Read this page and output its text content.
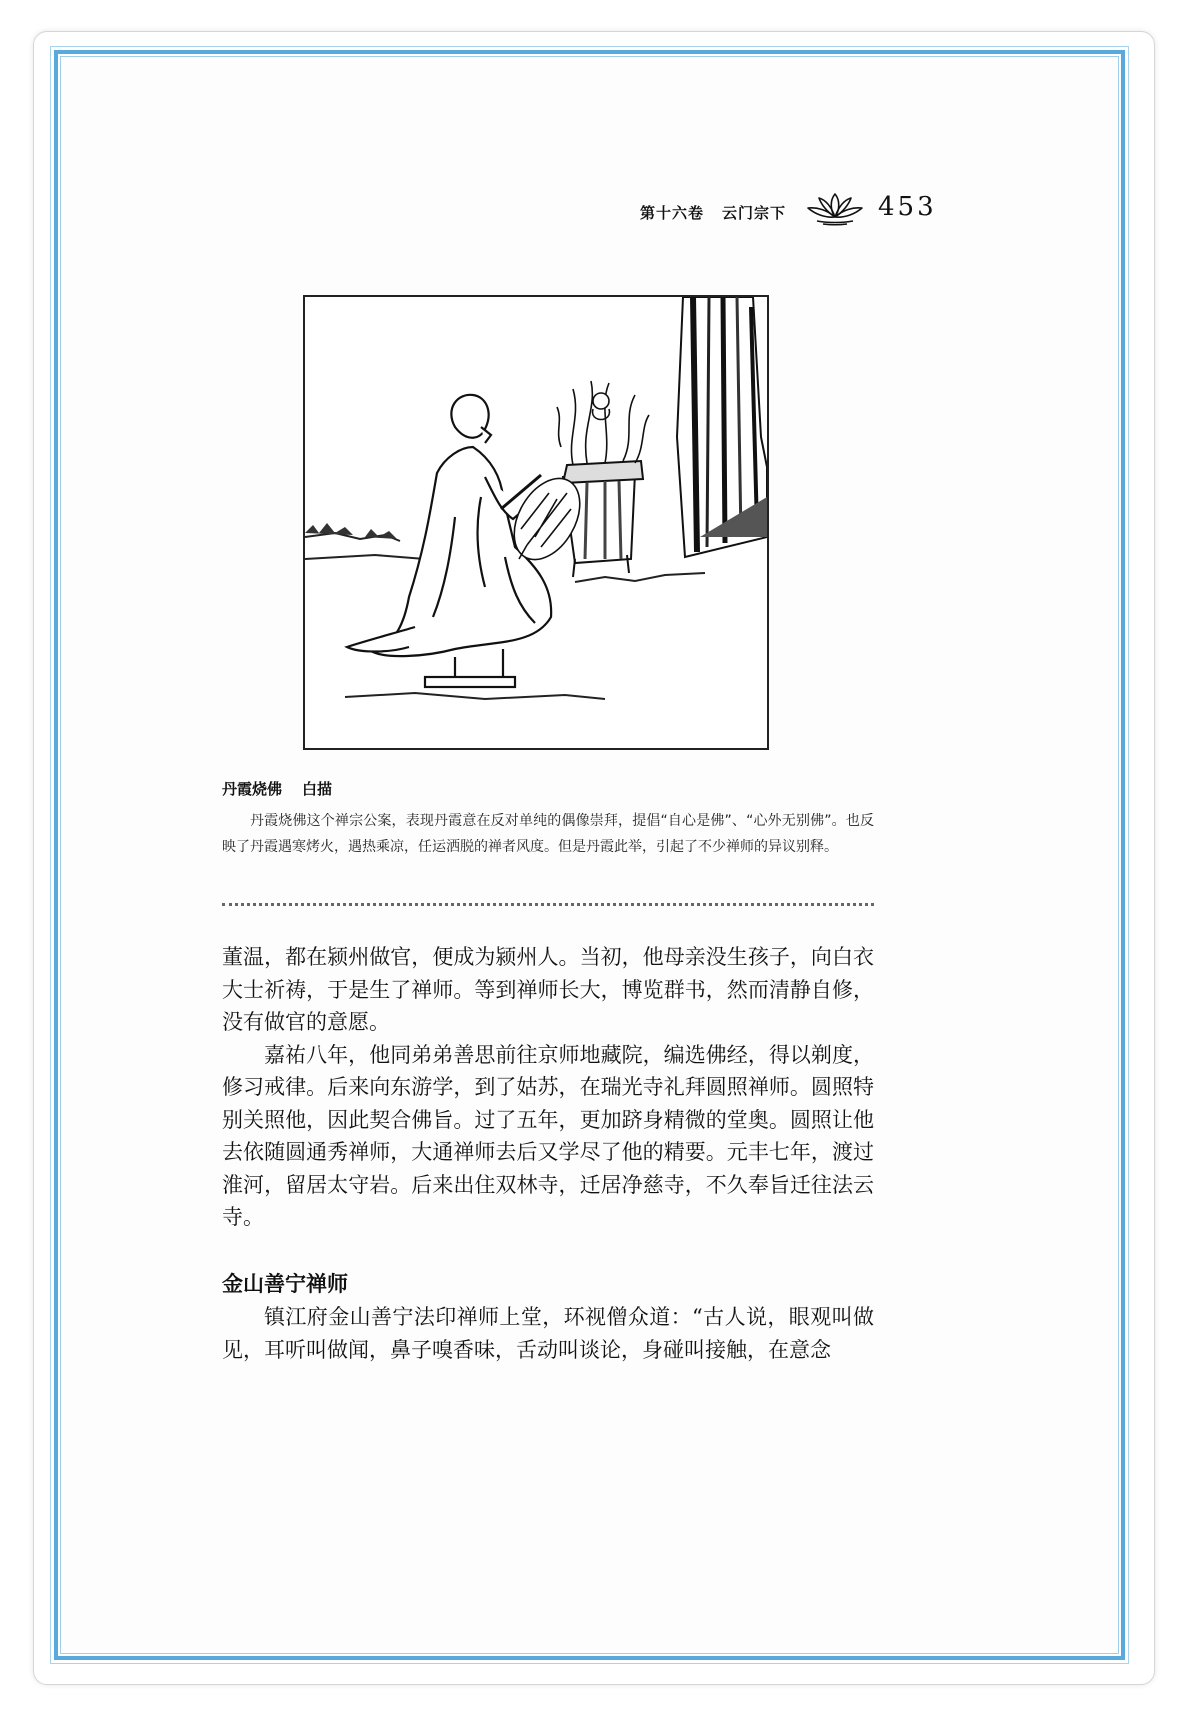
第十六卷 云门宗下	453
丹霞烧佛 白描
丹霞烧佛这个禅宗公案，表现丹霞意在反对单纯的偶像崇拜，提倡“自心是佛”、“心外无别佛”。也反映了丹霞遇寒烤火，遇热乘凉，任运洒脱的禅者风度。但是丹霞此举，引起了不少禅师的异议别释。

董温，都在颍州做官，便成为颍州人。当初，他母亲没生孩子，向白衣大士祈祷，于是生了禅师。等到禅师长大，博览群书，然而清静自修，没有做官的意愿。

嘉祐八年，他同弟弟善思前往京师地藏院，编选佛经，得以剃度，修习戒律。后来向东游学，到了姑苏，在瑞光寺礼拜圆照禅师。圆照特别关照他，因此契合佛旨。过了五年，更加跻身精微的堂奥。圆照让他去依随圆通秀禅师，大通禅师去后又学尽了他的精要。元丰七年，渡过淮河，留居太守岩。后来出住双林寺，迁居净慈寺，不久奉旨迁往法云寺。

金山善宁禅师
镇江府金山善宁法印禅师上堂，环视僧众道：“古人说，眼观叫做见，耳听叫做闻，鼻子嗅香味，舌动叫谈论，身碰叫接触，在意念
